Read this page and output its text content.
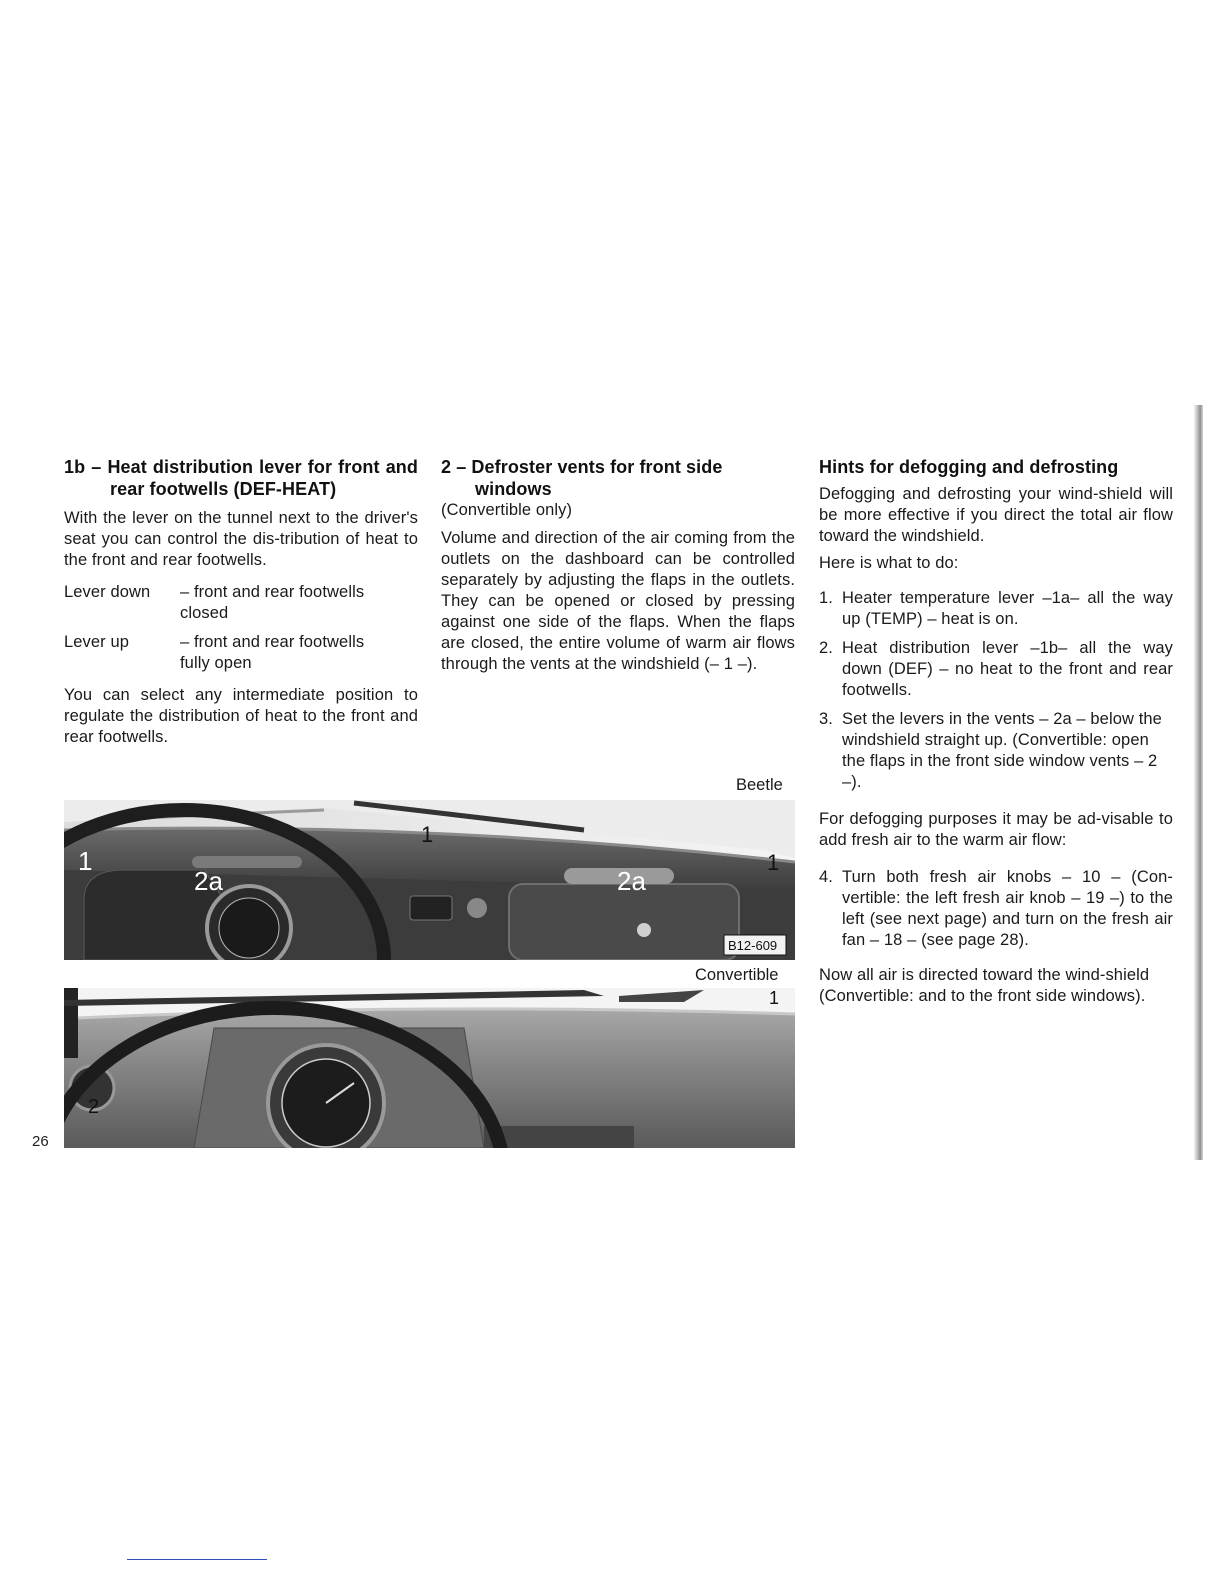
26

1b – Heat distribution lever for front and rear footwells (DEF-HEAT)

With the lever on the tunnel next to the driver's seat you can control the dis-tribution of heat to the front and rear footwells.

Lever down	– front and rear footwells closed
Lever up	– front and rear footwells fully open

You can select any intermediate position to regulate the distribution of heat to the front and rear footwells.

2 – Defroster vents for front side windows

(Convertible only)

Volume and direction of the air coming from the outlets on the dashboard can be controlled separately by adjusting the flaps in the outlets. They can be opened or closed by pressing against one side of the flaps. When the flaps are closed, the entire volume of warm air flows through the vents at the windshield (– 1 –).

Hints for defogging and defrosting

Defogging and defrosting your wind-shield will be more effective if you direct the total air flow toward the windshield.

Here is what to do:

1. Heater temperature lever –1a– all the way up (TEMP) – heat is on.
2. Heat distribution lever –1b– all the way down (DEF) – no heat to the front and rear footwells.
3. Set the levers in the vents – 2a – below the windshield straight up. (Convertible: open the flaps in the front side window vents – 2 –).

For defogging purposes it may be ad-visable to add fresh air to the warm air flow:

4. Turn both fresh air knobs – 10 – (Con-vertible: the left fresh air knob – 19 –) to the left (see next page) and turn on the fresh air fan – 18 – (see page 28).

Now all air is directed toward the wind-shield (Convertible: and to the front side windows).

Beetle
Convertible
B12-609
1
2a
1
2a
1
1
2
